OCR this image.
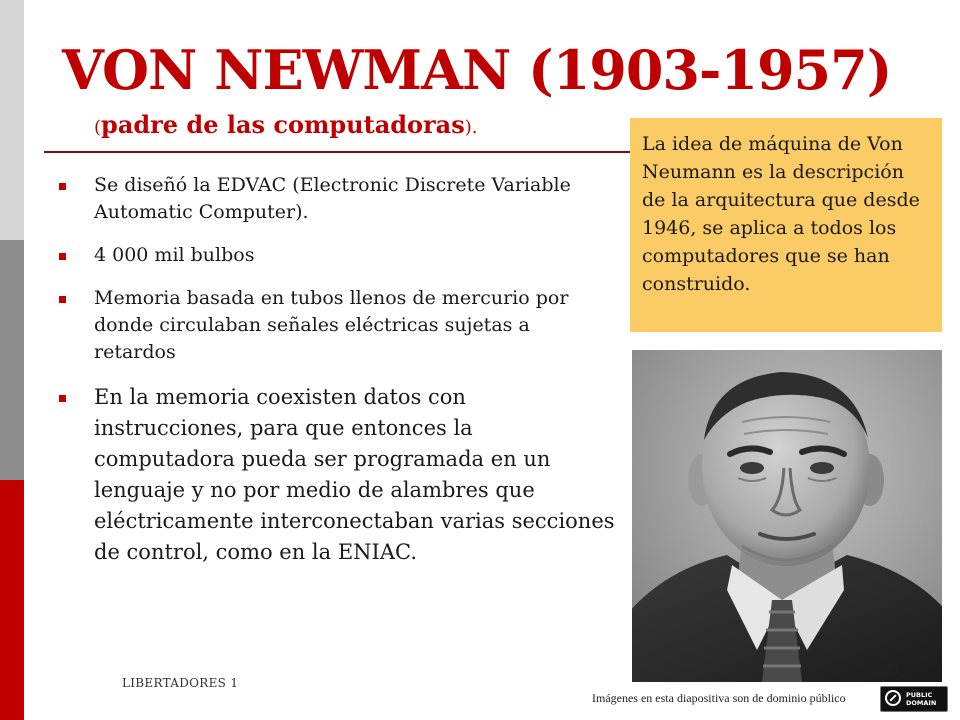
VON NEWMAN (1903-1957)
(padre de las computadoras).
Se diseñó la EDVAC (Electronic Discrete Variable Automatic Computer).
4 000 mil bulbos
Memoria basada en tubos llenos de mercurio por donde circulaban señales eléctricas sujetas a retardos
En la memoria coexisten datos con instrucciones, para que entonces la computadora pueda ser programada en un lenguaje y no por medio de alambres que eléctricamente interconectaban varias secciones de control, como en la ENIAC.
La idea de máquina de Von Neumann es la descripción de la arquitectura que desde 1946, se aplica a todos los computadores que se han construido.
11
LIBERTADORES 1
Imágenes en esta diapositiva son de dominio público	PUBLIC
DOMAIN
